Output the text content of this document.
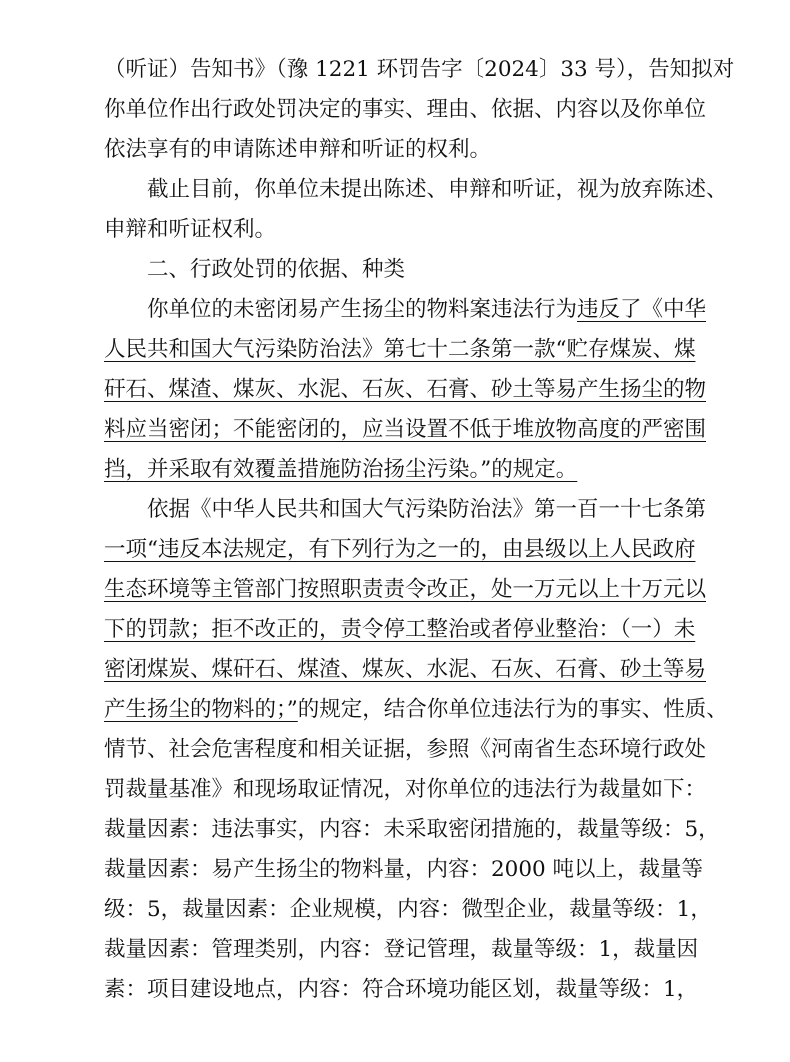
（听证）告知书》（豫 1221 环罚告字〔2024〕33 号），告知拟对
你单位作出行政处罚决定的事实、理由、依据、内容以及你单位
依法享有的申请陈述申辩和听证的权利。
截止目前，你单位未提出陈述、申辩和听证，视为放弃陈述、
申辩和听证权利。
二、行政处罚的依据、种类
你单位的未密闭易产生扬尘的物料案违法行为违反了《中华
人民共和国大气污染防治法》第七十二条第一款“贮存煤炭、煤
矸石、煤渣、煤灰、水泥、石灰、石膏、砂土等易产生扬尘的物
料应当密闭；不能密闭的，应当设置不低于堆放物高度的严密围
挡，并采取有效覆盖措施防治扬尘污染。”的规定。
依据《中华人民共和国大气污染防治法》第一百一十七条第
一项“违反本法规定，有下列行为之一的，由县级以上人民政府
生态环境等主管部门按照职责责令改正，处一万元以上十万元以
下的罚款；拒不改正的，责令停工整治或者停业整治：（一）未
密闭煤炭、煤矸石、煤渣、煤灰、水泥、石灰、石膏、砂土等易
产生扬尘的物料的；”的规定，结合你单位违法行为的事实、性质、
情节、社会危害程度和相关证据，参照《河南省生态环境行政处
罚裁量基准》和现场取证情况，对你单位的违法行为裁量如下：
裁量因素：违法事实，内容：未采取密闭措施的，裁量等级：5，
裁量因素：易产生扬尘的物料量，内容：2000 吨以上，裁量等
级：5，裁量因素：企业规模，内容：微型企业，裁量等级：1，
裁量因素：管理类别，内容：登记管理，裁量等级：1，裁量因
素：项目建设地点，内容：符合环境功能区划，裁量等级：1，
